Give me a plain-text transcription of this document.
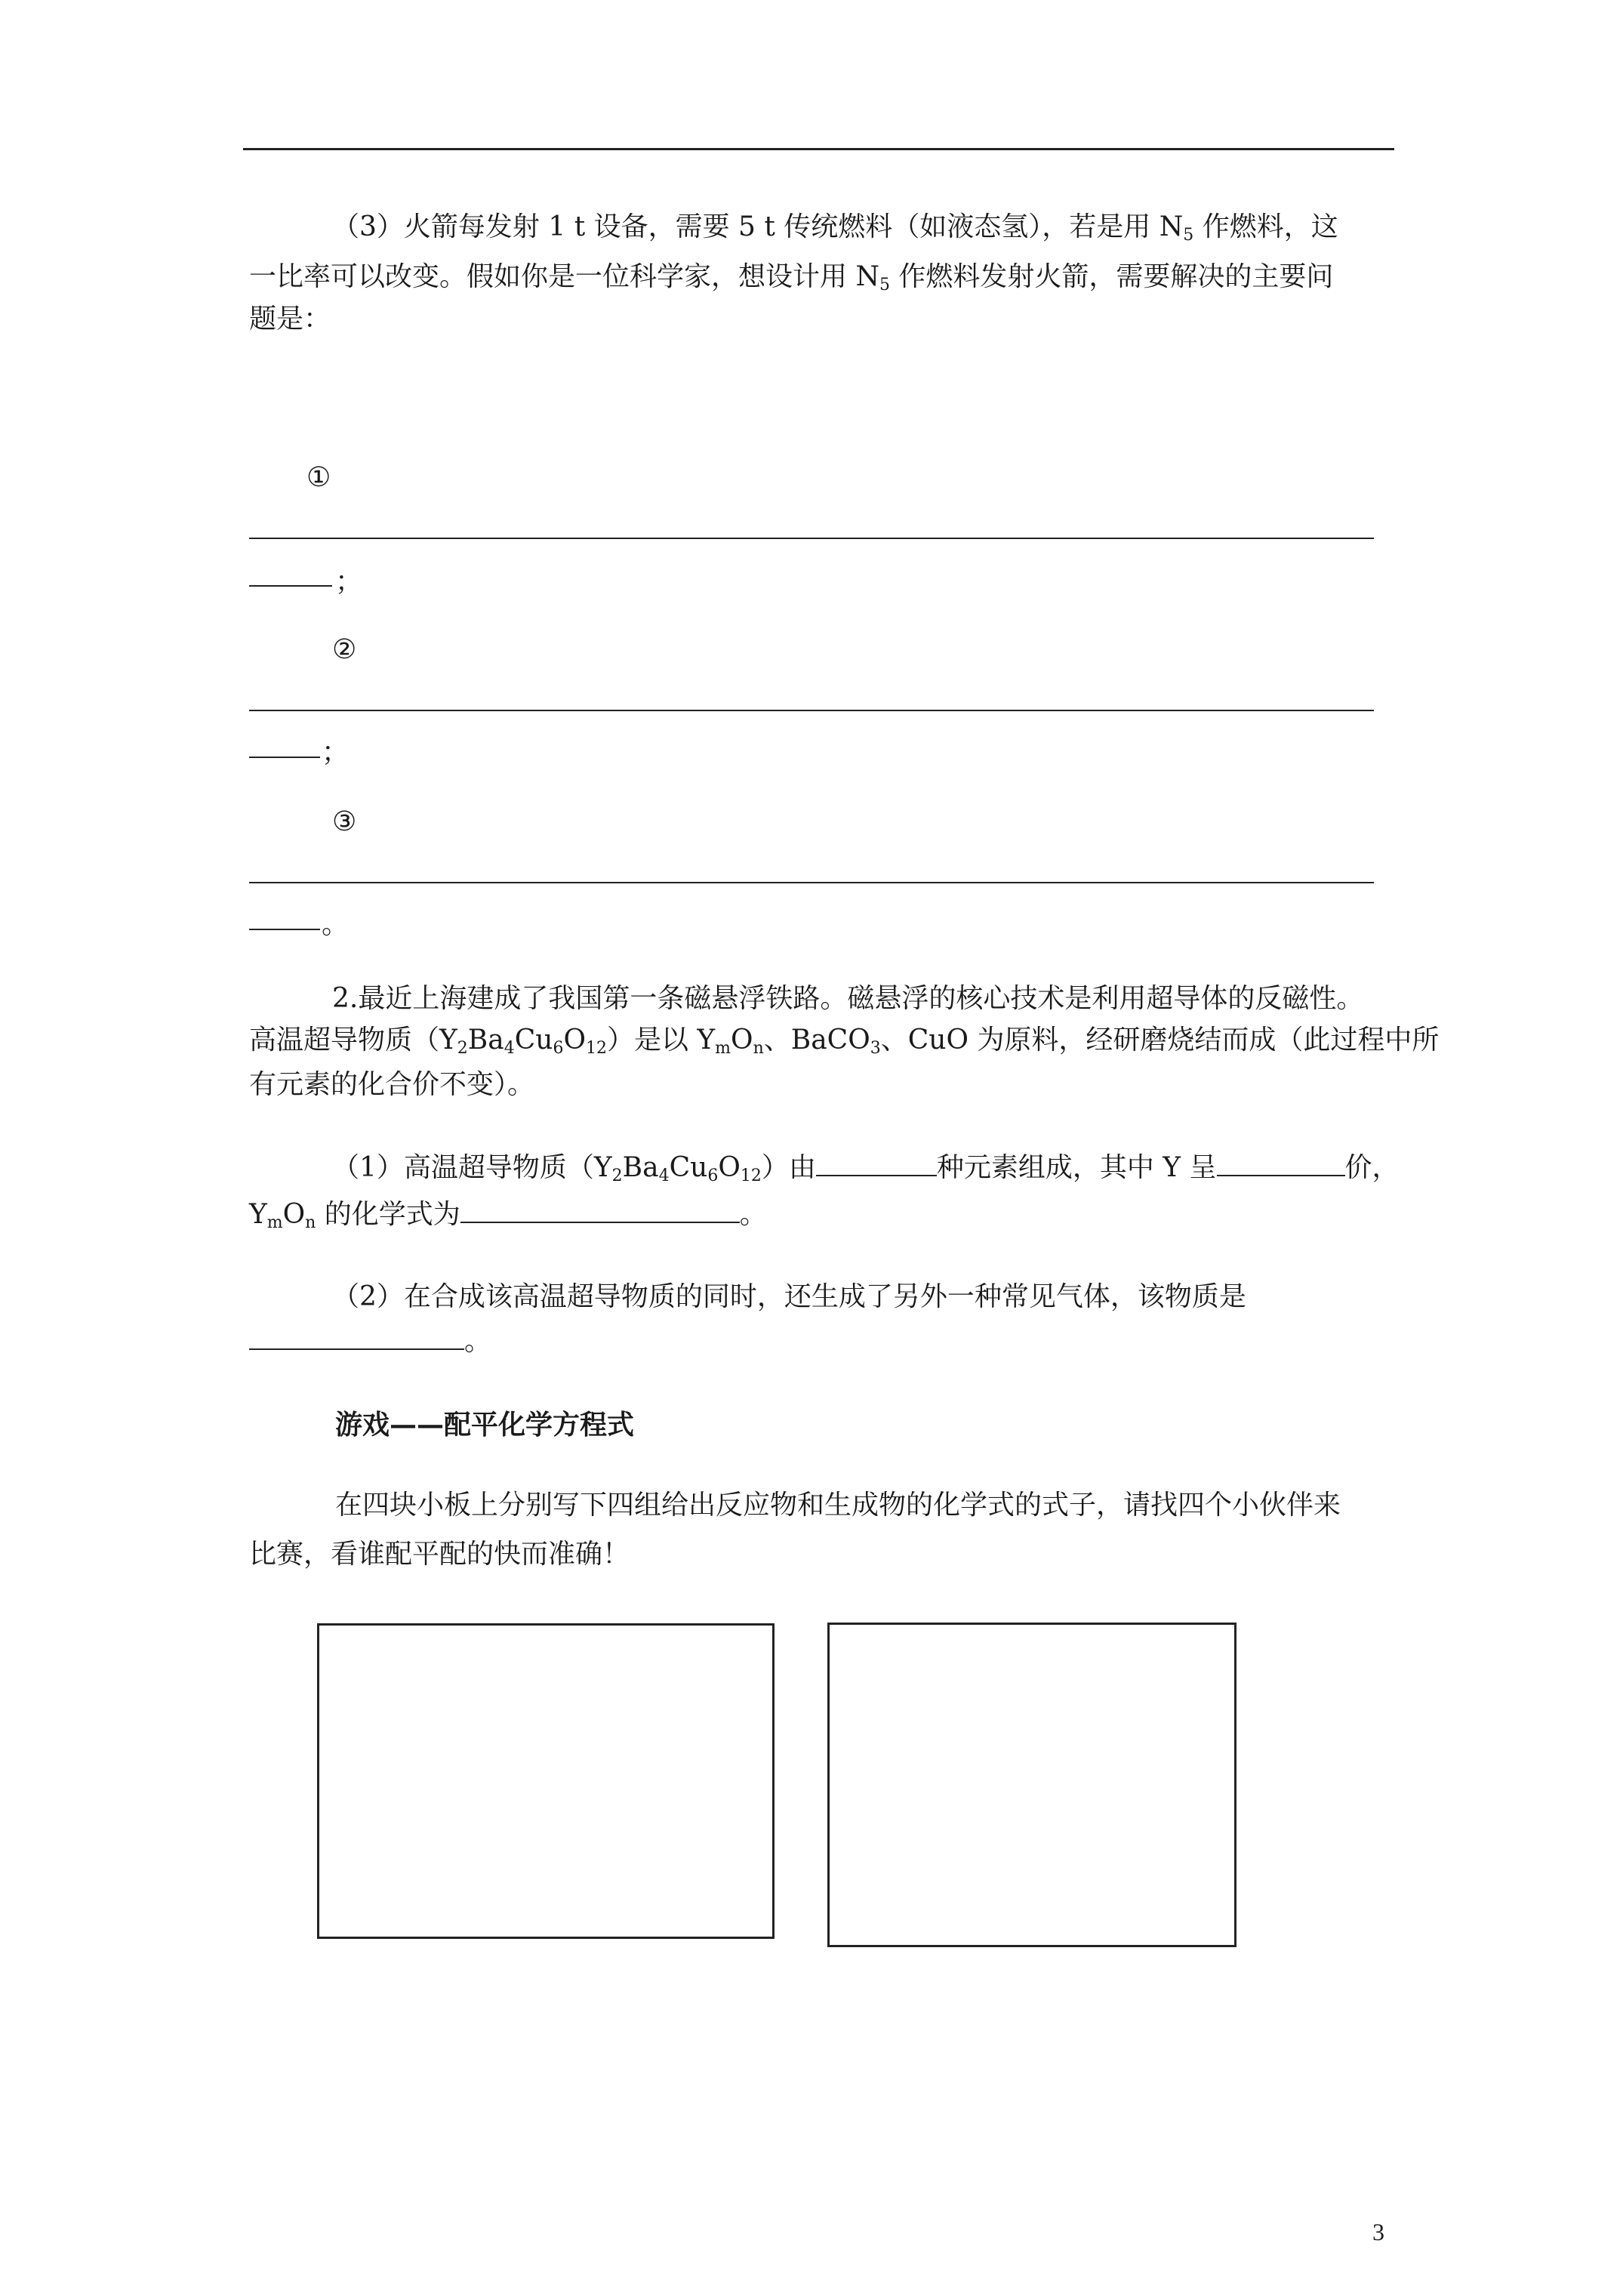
（3）火箭每发射 1 t 设备，需要 5 t 传统燃料（如液态氢），若是用 $N_5$ 作燃料，这
一比率可以改变。假如你是一位科学家，想设计用 $N_5$ 作燃料发射火箭，需要解决的主要问
题是：
①
；
②
；
③
。
2.最近上海建成了我国第一条磁悬浮铁路。磁悬浮的核心技术是利用超导体的反磁性。
高温超导物质$(Y_2Ba_4Cu_6O_{12})$是以 $Y_mO_n$、BaCO$_3$、CuO 为原料，经研磨烧结而成（此过程中所
有元素的化合价不变）。
（1）高温超导物质$(Y_2Ba_4Cu_6O_{12})$由	种元素组成，其中 Y 呈	价，
$Y_mO_n$ 的化学式为	。
（2）在合成该高温超导物质的同时，还生成了另外一种常见气体，该物质是
。
游戏——配平化学方程式
在四块小板上分别写下四组给出反应物和生成物的化学式的式子，请找四个小伙伴来
比赛，看谁配平配的快而准确！
3
